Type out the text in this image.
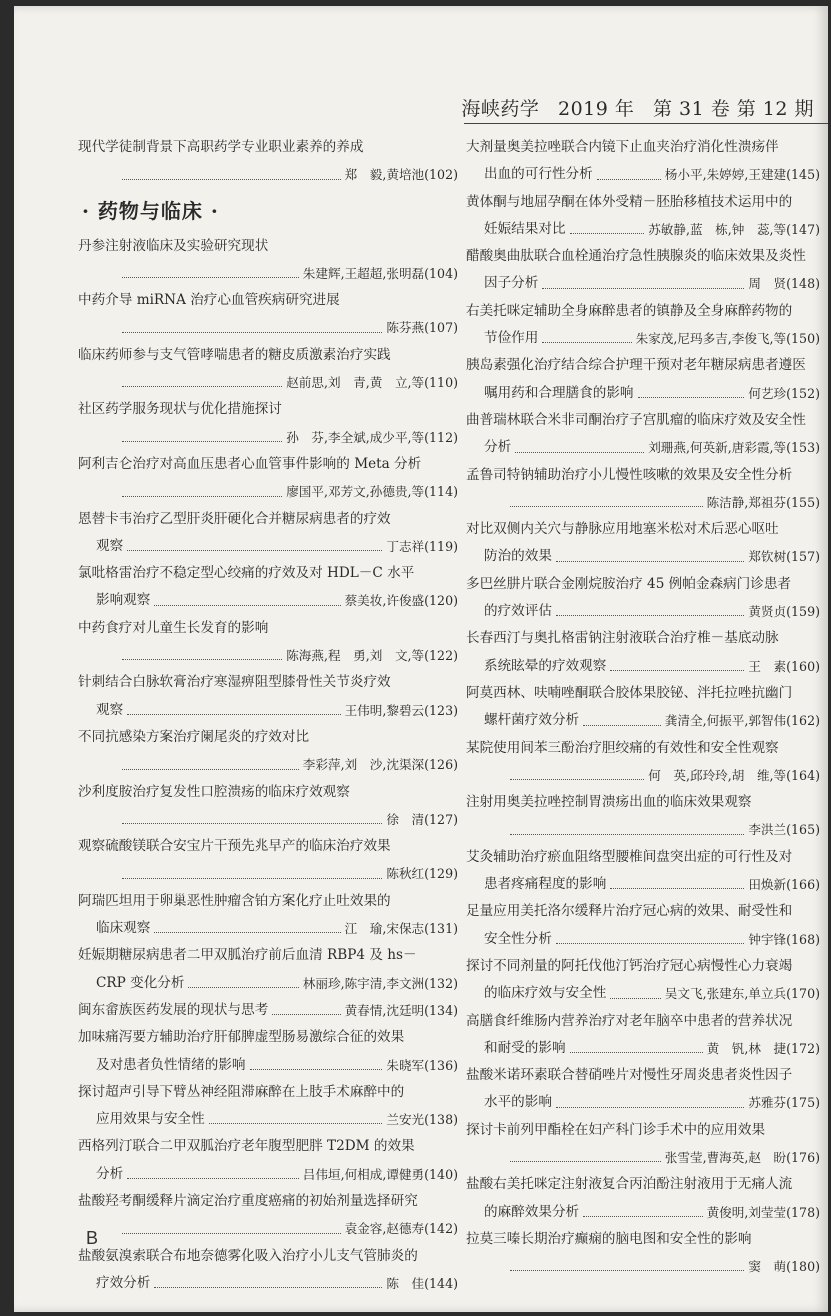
海峡药学 2019 年 第 31 卷 第 12 期
现代学徒制背景下高职药学专业职业素养的养成
郑　毅,黄培池(102)
· 药物与临床 ·
丹参注射液临床及实验研究现状
朱建辉,王超超,张明磊(104)
中药介导 miRNA 治疗心血管疾病研究进展
陈芬燕(107)
临床药师参与支气管哮喘患者的糖皮质激素治疗实践
赵前思,刘　青,黄　立,等(110)
社区药学服务现状与优化措施探讨
孙　芬,李全斌,成少平,等(112)
阿利吉仑治疗对高血压患者心血管事件影响的 Meta 分析
廖国平,邓芳文,孙德贵,等(114)
恩替卡韦治疗乙型肝炎肝硬化合并糖尿病患者的疗效
观察	丁志祥(119)
氯吡格雷治疗不稳定型心绞痛的疗效及对 HDL－C 水平
影响观察	蔡美妆,许俊盛(120)
中药食疗对儿童生长发育的影响
陈海燕,程　勇,刘　文,等(122)
针刺结合白脉软膏治疗寒湿痹阻型膝骨性关节炎疗效
观察	王伟明,黎碧云(123)
不同抗感染方案治疗阑尾炎的疗效对比
李彩萍,刘　沙,沈渠深(126)
沙利度胺治疗复发性口腔溃疡的临床疗效观察
徐　清(127)
观察硫酸镁联合安宝片干预先兆早产的临床治疗效果
陈秋红(129)
阿瑞匹坦用于卵巢恶性肿瘤含铂方案化疗止吐效果的
临床观察	江　瑜,宋保志(131)
妊娠期糖尿病患者二甲双胍治疗前后血清 RBP4 及 hs－
CRP 变化分析	林丽珍,陈宇清,李文洲(132)
闽东畲族医药发展的现状与思考	黄春情,沈廷明(134)
加味痛泻要方辅助治疗肝郁脾虚型肠易激综合征的效果
及对患者负性情绪的影响	朱晓军(136)
探讨超声引导下臂丛神经阻滞麻醉在上肢手术麻醉中的
应用效果与安全性	兰安光(138)
西格列汀联合二甲双胍治疗老年腹型肥胖 T2DM 的效果
分析	吕伟垣,何相成,谭健勇(140)
盐酸羟考酮缓释片滴定治疗重度癌痛的初始剂量选择研究
袁金容,赵德寿(142)
盐酸氨溴索联合布地奈德雾化吸入治疗小儿支气管肺炎的
疗效分析	陈　佳(144)
大剂量奥美拉唑联合内镜下止血夹治疗消化性溃疡伴
出血的可行性分析	杨小平,朱婷婷,王建建(145)
黄体酮与地屈孕酮在体外受精－胚胎移植技术运用中的
妊娠结果对比	苏敏静,蓝　栋,钟　蕊,等(147)
醋酸奥曲肽联合血栓通治疗急性胰腺炎的临床效果及炎性
因子分析	周　贤(148)
右美托咪定辅助全身麻醉患者的镇静及全身麻醉药物的
节俭作用	朱家茂,尼玛多吉,李俊飞,等(150)
胰岛素强化治疗结合综合护理干预对老年糖尿病患者遵医
嘱用药和合理膳食的影响	何艺珍(152)
曲普瑞林联合米非司酮治疗子宫肌瘤的临床疗效及安全性
分析	刘珊燕,何英新,唐彩霞,等(153)
孟鲁司特钠辅助治疗小儿慢性咳嗽的效果及安全性分析
陈洁静,郑祖芬(155)
对比双侧内关穴与静脉应用地塞米松对术后恶心呕吐
防治的效果	郑钦树(157)
多巴丝肼片联合金刚烷胺治疗 45 例帕金森病门诊患者
的疗效评估	黄贤贞(159)
长春西汀与奥扎格雷钠注射液联合治疗椎－基底动脉
系统眩晕的疗效观察	王　素(160)
阿莫西林、呋喃唑酮联合胶体果胶铋、泮托拉唑抗幽门
螺杆菌疗效分析	龚清全,何振平,郭智伟(162)
某院使用间苯三酚治疗胆绞痛的有效性和安全性观察
何　英,邱玲玲,胡　维,等(164)
注射用奥美拉唑控制胃溃疡出血的临床效果观察
李洪兰(165)
艾灸辅助治疗瘀血阻络型腰椎间盘突出症的可行性及对
患者疼痛程度的影响	田焕新(166)
足量应用美托洛尔缓释片治疗冠心病的效果、耐受性和
安全性分析	钟宇锋(168)
探讨不同剂量的阿托伐他汀钙治疗冠心病慢性心力衰竭
的临床疗效与安全性	吴文飞,张建东,单立兵(170)
高膳食纤维肠内营养治疗对老年脑卒中患者的营养状况
和耐受的影响	黄　钒,林　捷(172)
盐酸米诺环素联合替硝唑片对慢性牙周炎患者炎性因子
水平的影响	苏雅芬(175)
探讨卡前列甲酯栓在妇产科门诊手术中的应用效果
张雪莹,曹海英,赵　盼(176)
盐酸右美托咪定注射液复合丙泊酚注射液用于无痛人流
的麻醉效果分析	黄俊明,刘莹莹(178)
拉莫三嗪长期治疗癫痫的脑电图和安全性的影响
窦　萌(180)
B
